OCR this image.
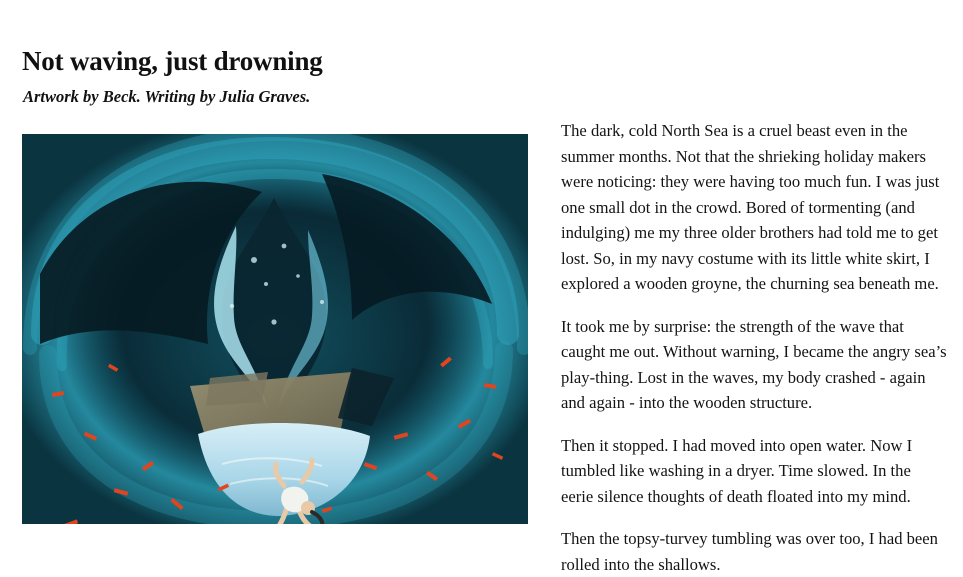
Not waving, just drowning

Artwork by Beck. Writing by Julia Graves.

The dark, cold North Sea is a cruel beast even in the summer months. Not that the shrieking holiday makers were noticing: they were having too much fun. I was just one small dot in the crowd. Bored of tormenting (and indulging) me my three older brothers had told me to get lost. So, in my navy costume with its little white skirt, I explored a wooden groyne, the churning sea beneath me.

It took me by surprise: the strength of the wave that caught me out. Without warning, I became the angry sea’s play-thing. Lost in the waves, my body crashed - again and again - into the wooden structure.

Then it stopped. I had moved into open water. Now I tumbled like washing in a dryer. Time slowed. In the eerie silence thoughts of death floated into my mind.

Then the topsy-turvey tumbling was over too, I had been rolled into the shallows.
